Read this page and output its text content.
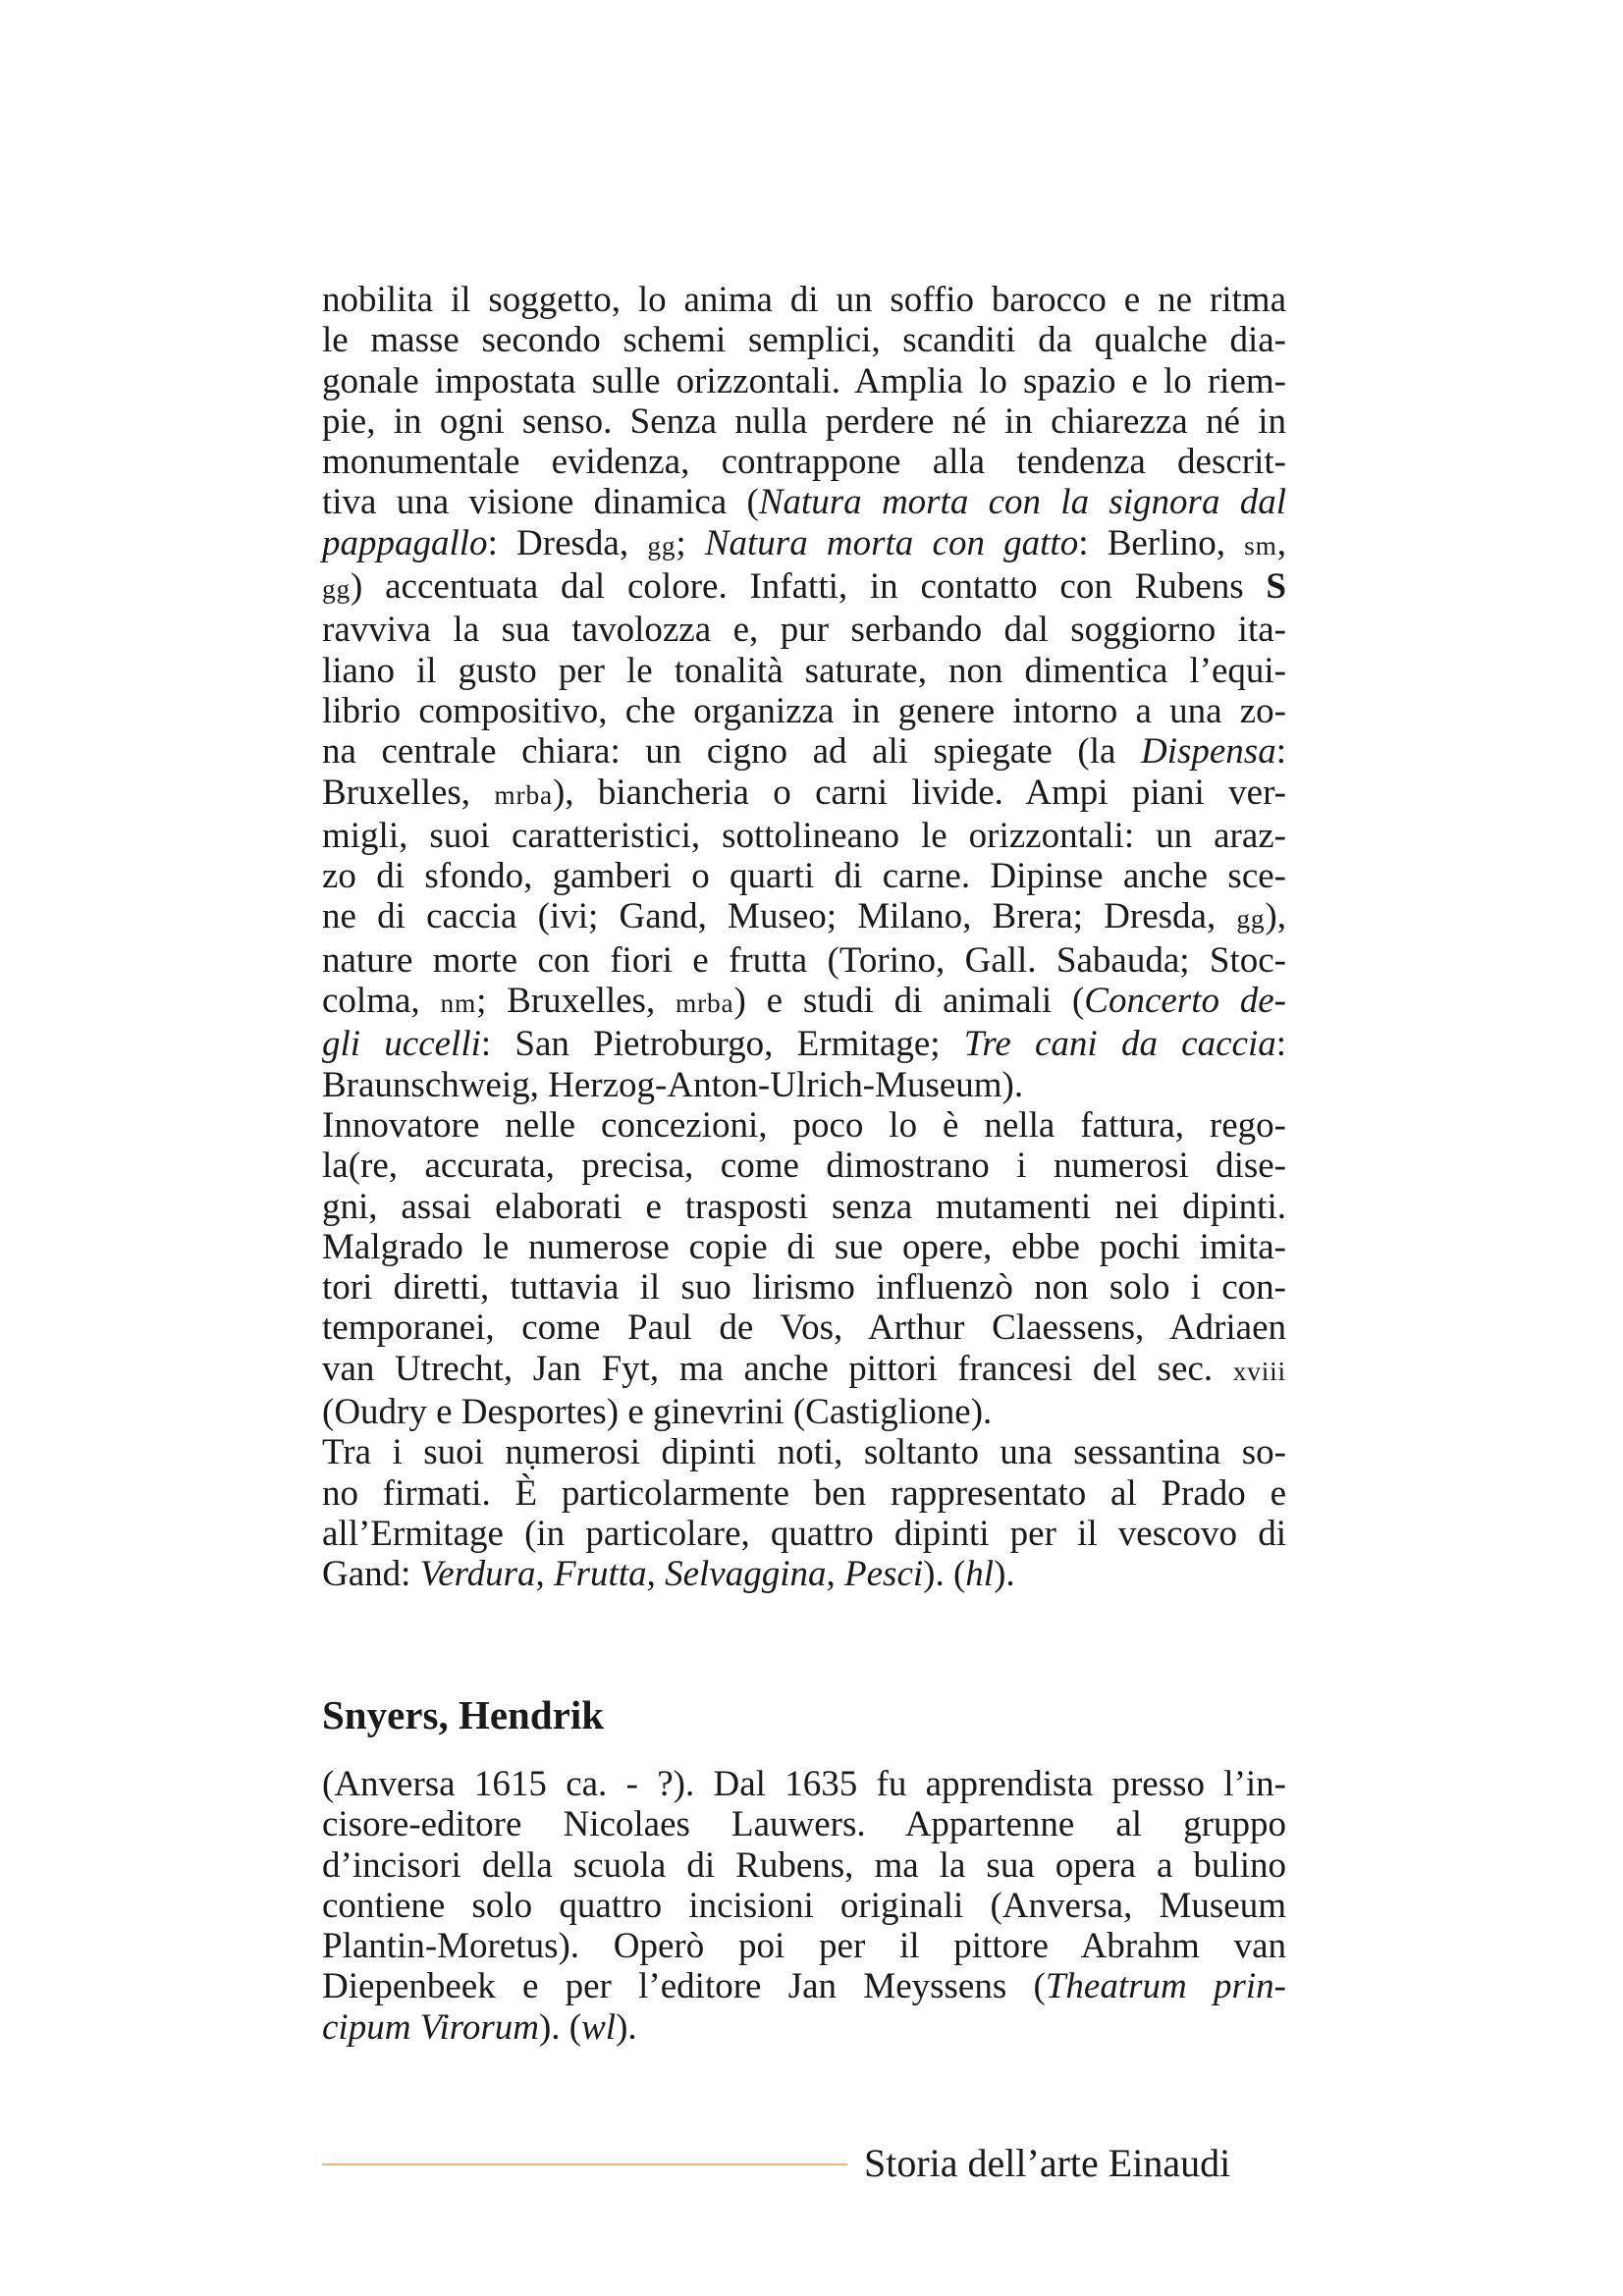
nobilita il soggetto, lo anima di un soffio barocco e ne ritma
le masse secondo schemi semplici, scanditi da qualche dia-
gonale impostata sulle orizzontali. Amplia lo spazio e lo riem-
pie, in ogni senso. Senza nulla perdere né in chiarezza né in
monumentale evidenza, contrappone alla tendenza descrit-
tiva una visione dinamica (Natura morta con la signora dal
pappagallo: Dresda, gg; Natura morta con gatto: Berlino, sm,
gg) accentuata dal colore. Infatti, in contatto con Rubens S
ravviva la sua tavolozza e, pur serbando dal soggiorno ita-
liano il gusto per le tonalità saturate, non dimentica l’equi-
librio compositivo, che organizza in genere intorno a una zo-
na centrale chiara: un cigno ad ali spiegate (la Dispensa:
Bruxelles, mrba), biancheria o carni livide. Ampi piani ver-
migli, suoi caratteristici, sottolineano le orizzontali: un araz-
zo di sfondo, gamberi o quarti di carne. Dipinse anche sce-
ne di caccia (ivi; Gand, Museo; Milano, Brera; Dresda, gg),
nature morte con fiori e frutta (Torino, Gall. Sabauda; Stoc-
colma, nm; Bruxelles, mrba) e studi di animali (Concerto de-
gli uccelli: San Pietroburgo, Ermitage; Tre cani da caccia:
Braunschweig, Herzog-Anton-Ulrich-Museum).
Innovatore nelle concezioni, poco lo è nella fattura, rego-
la(re, accurata, precisa, come dimostrano i numerosi dise-
gni, assai elaborati e trasposti senza mutamenti nei dipinti.
Malgrado le numerose copie di sue opere, ebbe pochi imita-
tori diretti, tuttavia il suo lirismo influenzò non solo i con-
temporanei, come Paul de Vos, Arthur Claessens, Adriaen
van Utrecht, Jan Fyt, ma anche pittori francesi del sec. xviii
(Oudry e Desportes) e ginevrini (Castiglione).
Tra i suoi nụmerosi dipinti noti, soltanto una sessantina so-
no firmati. È particolarmente ben rappresentato al Prado e
all’Ermitage (in particolare, quattro dipinti per il vescovo di
Gand: Verdura, Frutta, Selvaggina, Pesci). (hl).
Snyers, Hendrik
(Anversa 1615 ca. - ?). Dal 1635 fu apprendista presso l’in-
cisore-editore Nicolaes Lauwers. Appartenne al gruppo
d’incisori della scuola di Rubens, ma la sua opera a bulino
contiene solo quattro incisioni originali (Anversa, Museum
Plantin-Moretus). Operò poi per il pittore Abrahm van
Diepenbeek e per l’editore Jan Meyssens (Theatrum prin-
cipum Virorum). (wl).
Storia dell’arte Einaudi
